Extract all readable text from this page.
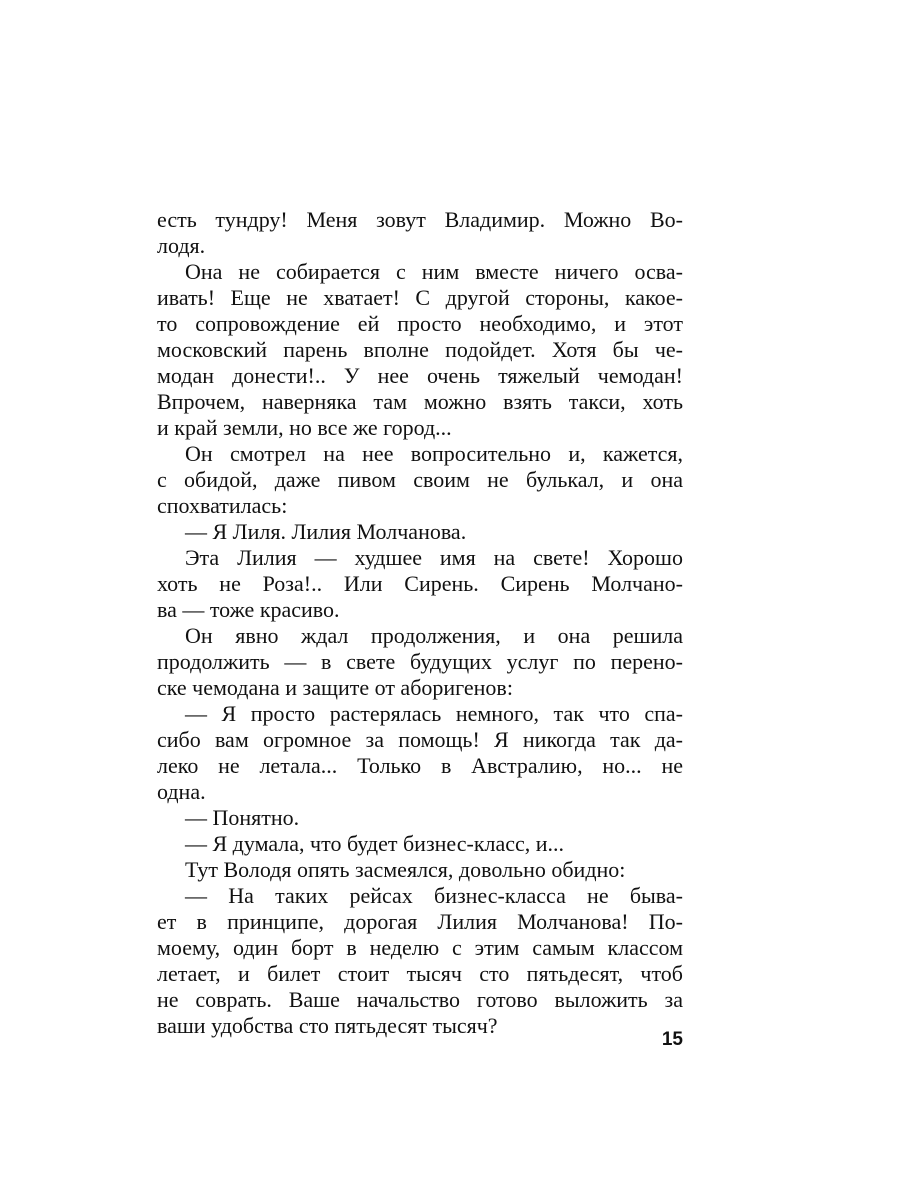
есть тундру! Меня зовут Владимир. Можно Во-
лодя.
Она не собирается с ним вместе ничего осва-
ивать! Еще не хватает! С другой стороны, какое-
то сопровождение ей просто необходимо, и этот
московский парень вполне подойдет. Хотя бы че-
модан донести!.. У нее очень тяжелый чемодан!
Впрочем, наверняка там можно взять такси, хоть
и край земли, но все же город...
Он смотрел на нее вопросительно и, кажется,
с обидой, даже пивом своим не булькал, и она
спохватилась:
— Я Лиля. Лилия Молчанова.
Эта Лилия — худшее имя на свете! Хорошо
хоть не Роза!.. Или Сирень. Сирень Молчано-
ва — тоже красиво.
Он явно ждал продолжения, и она решила
продолжить — в свете будущих услуг по перено-
ске чемодана и защите от аборигенов:
— Я просто растерялась немного, так что спа-
сибо вам огромное за помощь! Я никогда так да-
леко не летала... Только в Австралию, но... не
одна.
— Понятно.
— Я думала, что будет бизнес-класс, и...
Тут Володя опять засмеялся, довольно обидно:
— На таких рейсах бизнес-класса не быва-
ет в принципе, дорогая Лилия Молчанова! По-
моему, один борт в неделю с этим самым классом
летает, и билет стоит тысяч сто пятьдесят, чтоб
не соврать. Ваше начальство готово выложить за
ваши удобства сто пятьдесят тысяч?
15
